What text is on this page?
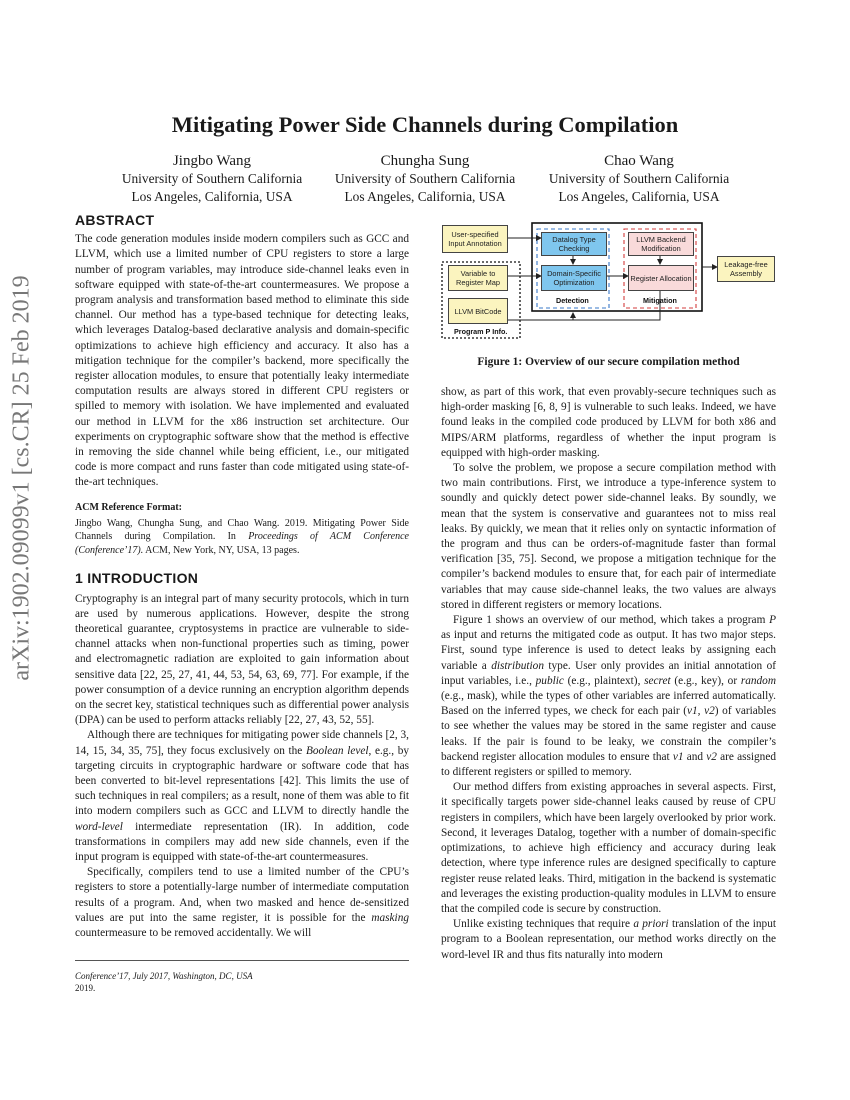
arXiv:1902.09099v1 [cs.CR] 25 Feb 2019
Mitigating Power Side Channels during Compilation
Jingbo Wang
University of Southern California
Los Angeles, California, USA
Chungha Sung
University of Southern California
Los Angeles, California, USA
Chao Wang
University of Southern California
Los Angeles, California, USA
ABSTRACT

The code generation modules inside modern compilers such as GCC and LLVM, which use a limited number of CPU registers to store a large number of program variables, may introduce side-channel leaks even in software equipped with state-of-the-art countermeasures. We propose a program analysis and transformation based method to eliminate this side channel. Our method has a type-based technique for detecting leaks, which leverages Datalog-based declarative analysis and domain-specific optimizations to achieve high efficiency and accuracy. It also has a mitigation technique for the compiler’s backend, more specifically the register allocation modules, to ensure that potentially leaky intermediate computation results are always stored in different CPU registers or spilled to memory with isolation. We have implemented and evaluated our method in LLVM for the x86 instruction set architecture. Our experiments on cryptographic software show that the method is effective in removing the side channel while being efficient, i.e., our mitigated code is more compact and runs faster than code mitigated using state-of-the-art techniques.

ACM Reference Format:

Jingbo Wang, Chungha Sung, and Chao Wang. 2019. Mitigating Power Side Channels during Compilation. In Proceedings of ACM Conference (Conference’17). ACM, New York, NY, USA, 13 pages.

1 INTRODUCTION

Cryptography is an integral part of many security protocols, which in turn are used by numerous applications. However, despite the strong theoretical guarantee, cryptosystems in practice are vulnerable to side-channel attacks when non-functional properties such as timing, power and electromagnetic radiation are exploited to gain information about sensitive data [22, 25, 27, 41, 44, 53, 54, 63, 69, 77]. For example, if the power consumption of a device running an encryption algorithm depends on the secret key, statistical techniques such as differential power analysis (DPA) can be used to perform attacks reliably [22, 27, 43, 52, 55].

Although there are techniques for mitigating power side channels [2, 3, 14, 15, 34, 35, 75], they focus exclusively on the Boolean level, e.g., by targeting circuits in cryptographic hardware or software code that has been converted to bit-level representations [42]. This limits the use of such techniques in real compilers; as a result, none of them was able to fit into modern compilers such as GCC and LLVM to directly handle the word-level intermediate representation (IR). In addition, code transformations in compilers may add new side channels, even if the input program is equipped with state-of-the-art countermeasures.

Specifically, compilers tend to use a limited number of the CPU’s registers to store a potentially-large number of intermediate computation results of a program. And, when two masked and hence de-sensitized values are put into the same register, it is possible for the masking countermeasure to be removed accidentally. We will

Conference’17, July 2017, Washington, DC, USA
2019.
User-specified Input Annotation
Variable to Register Map
LLVM BitCode
Datalog Type Checking
Domain-Specific Optimization
LLVM Backend Modification
Register Allocation
Leakage-free Assembly
Program P Info.
Detection	Mitigation
Figure 1: Overview of our secure compilation method

show, as part of this work, that even provably-secure techniques such as high-order masking [6, 8, 9] is vulnerable to such leaks. Indeed, we have found leaks in the compiled code produced by LLVM for both x86 and MIPS/ARM platforms, regardless of whether the input program is equipped with high-order masking.

To solve the problem, we propose a secure compilation method with two main contributions. First, we introduce a type-inference system to soundly and quickly detect power side-channel leaks. By soundly, we mean that the system is conservative and guarantees not to miss real leaks. By quickly, we mean that it relies only on syntactic information of the program and thus can be orders-of-magnitude faster than formal verification [35, 75]. Second, we propose a mitigation technique for the compiler’s backend modules to ensure that, for each pair of intermediate variables that may cause side-channel leaks, the two values are always stored in different registers or memory locations.

Figure 1 shows an overview of our method, which takes a program P as input and returns the mitigated code as output. It has two major steps. First, sound type inference is used to detect leaks by assigning each variable a distribution type. User only provides an initial annotation of input variables, i.e., public (e.g., plaintext), secret (e.g., key), or random (e.g., mask), while the types of other variables are inferred automatically. Based on the inferred types, we check for each pair (v1, v2) of variables to see whether the values may be stored in the same register and cause leaks. If the pair is found to be leaky, we constrain the compiler’s backend register allocation modules to ensure that v1 and v2 are assigned to different registers or spilled to memory.

Our method differs from existing approaches in several aspects. First, it specifically targets power side-channel leaks caused by reuse of CPU registers in compilers, which have been largely overlooked by prior work. Second, it leverages Datalog, together with a number of domain-specific optimizations, to achieve high efficiency and accuracy during leak detection, where type inference rules are designed specifically to capture register reuse related leaks. Third, mitigation in the backend is systematic and leverages the existing production-quality modules in LLVM to ensure that the compiled code is secure by construction.

Unlike existing techniques that require a priori translation of the input program to a Boolean representation, our method works directly on the word-level IR and thus fits naturally into modern
